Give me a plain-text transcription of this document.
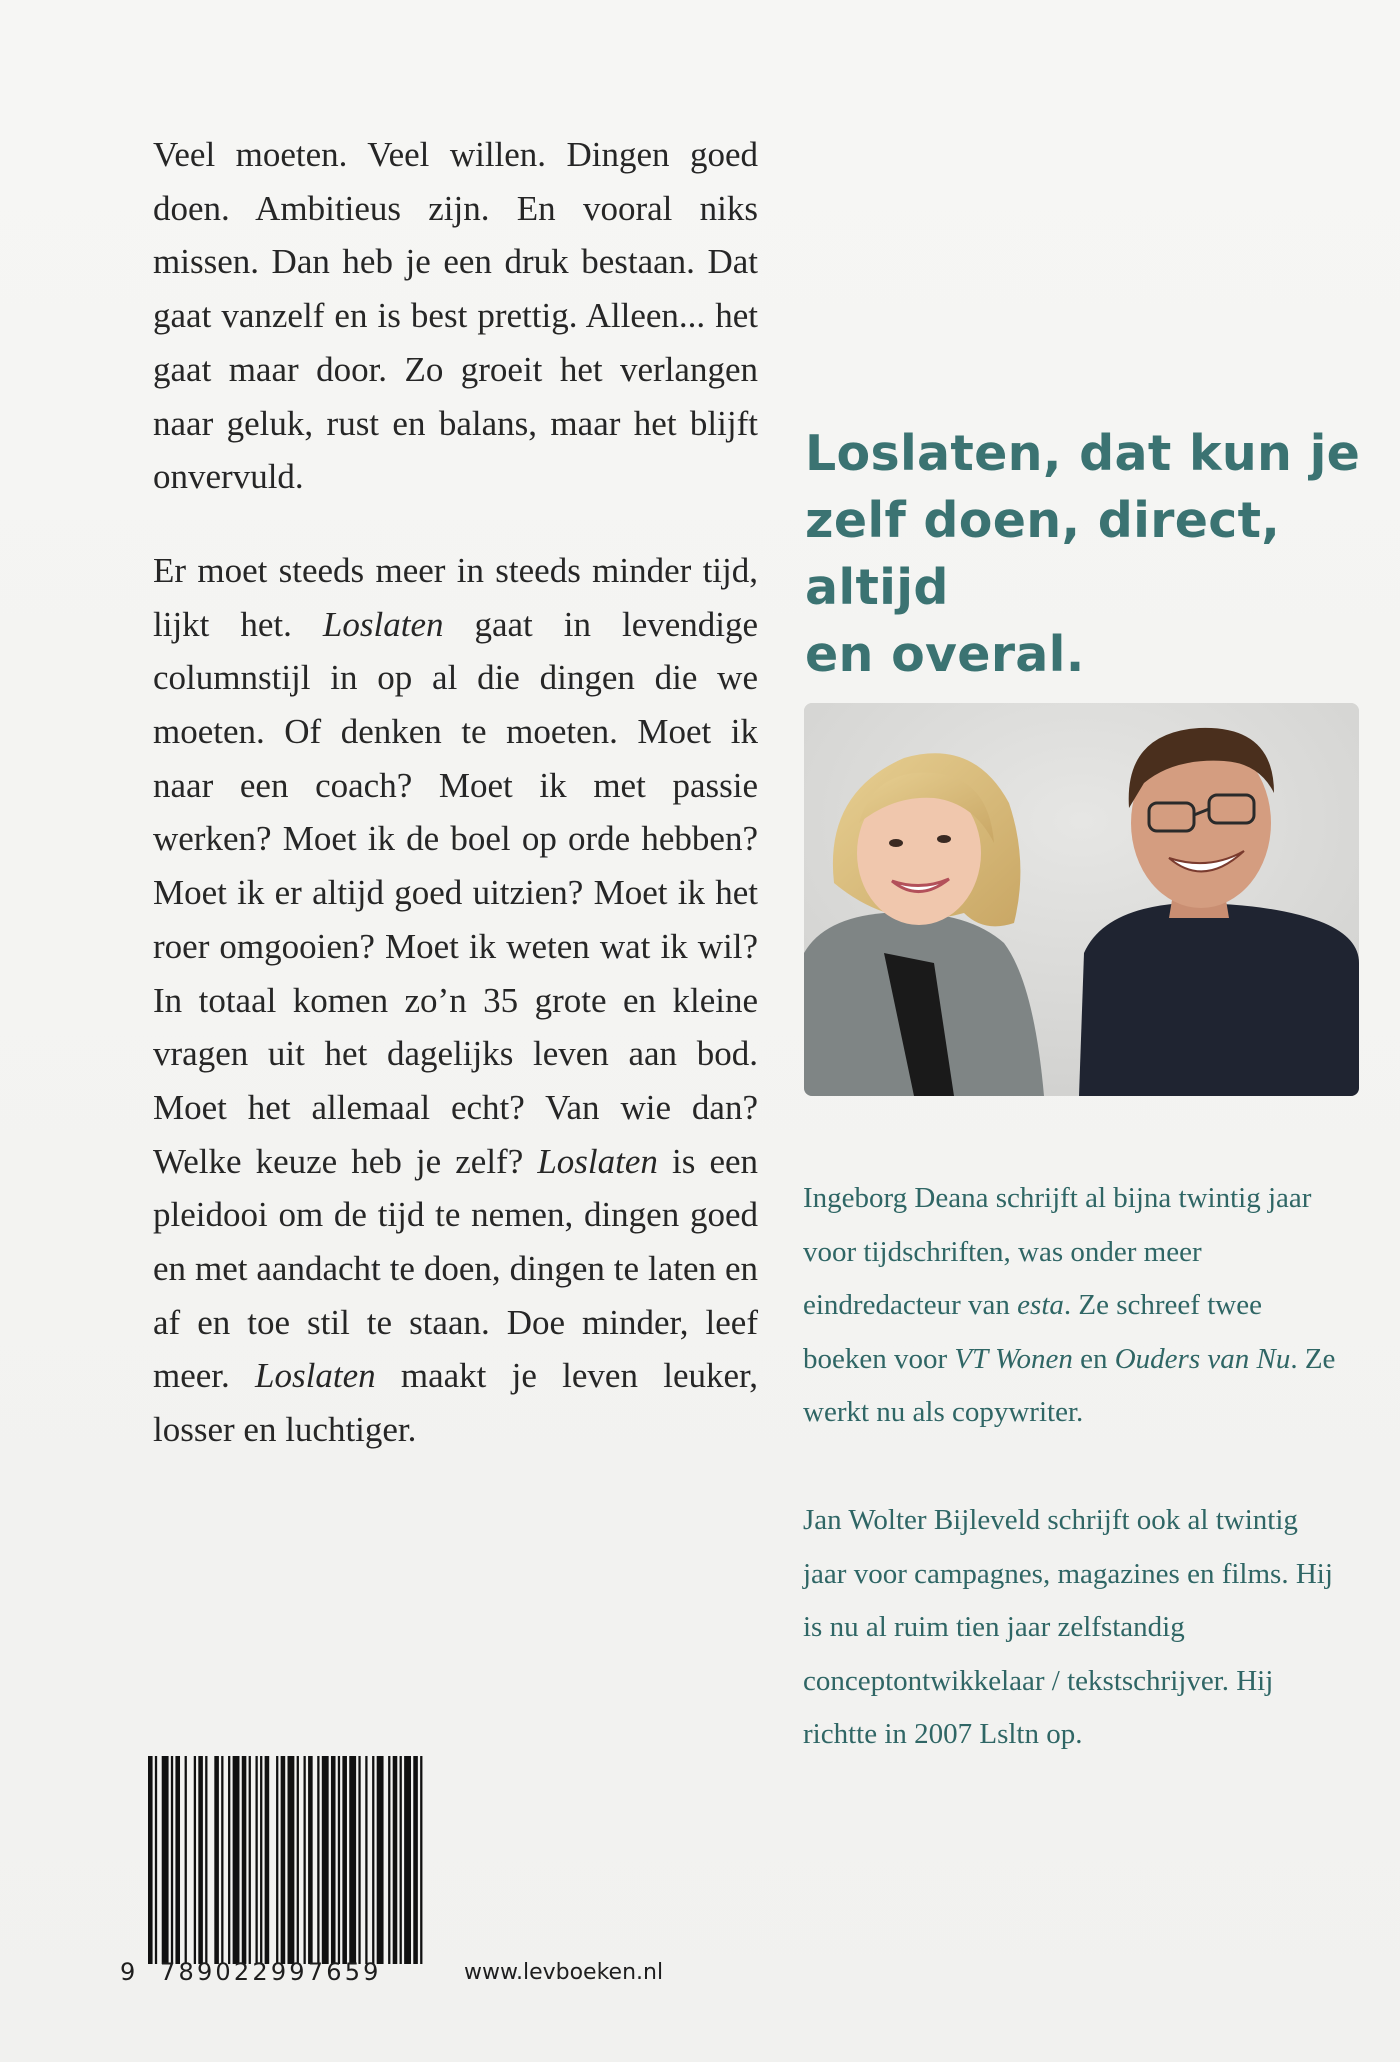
Veel moeten. Veel willen. Dingen goed doen. Ambitieus zijn. En vooral niks missen. Dan heb je een druk bestaan. Dat gaat vanzelf en is best prettig. Alleen... het gaat maar door. Zo groeit het verlangen naar geluk, rust en balans, maar het blijft onvervuld.

Er moet steeds meer in steeds minder tijd, lijkt het. Loslaten gaat in levendige columnstijl in op al die dingen die we moeten. Of denken te moeten. Moet ik naar een coach? Moet ik met passie werken? Moet ik de boel op orde hebben? Moet ik er altijd goed uitzien? Moet ik het roer omgooien? Moet ik weten wat ik wil? In totaal komen zo’n 35 grote en kleine vragen uit het dagelijks leven aan bod. Moet het allemaal echt? Van wie dan? Welke keuze heb je zelf? Loslaten is een pleidooi om de tijd te nemen, dingen goed en met aandacht te doen, dingen te laten en af en toe stil te staan. Doe minder, leef meer. Loslaten maakt je leven leuker, losser en luchtiger.

Loslaten, dat kun je
zelf doen, direct, altijd
en overal.
Ingeborg Deana schrijft al bijna twintig jaar voor tijdschriften, was onder meer eindredacteur van esta. Ze schreef twee boeken voor VT Wonen en Ouders van Nu. Ze werkt nu als copywriter.
Jan Wolter Bijleveld schrijft ook al twintig jaar voor campagnes, magazines en films. Hij is nu al ruim tien jaar zelfstandig conceptontwikkelaar / tekstschrijver. Hij richtte in 2007 Lsltn op.
9 789022997659	www.levboeken.nl
